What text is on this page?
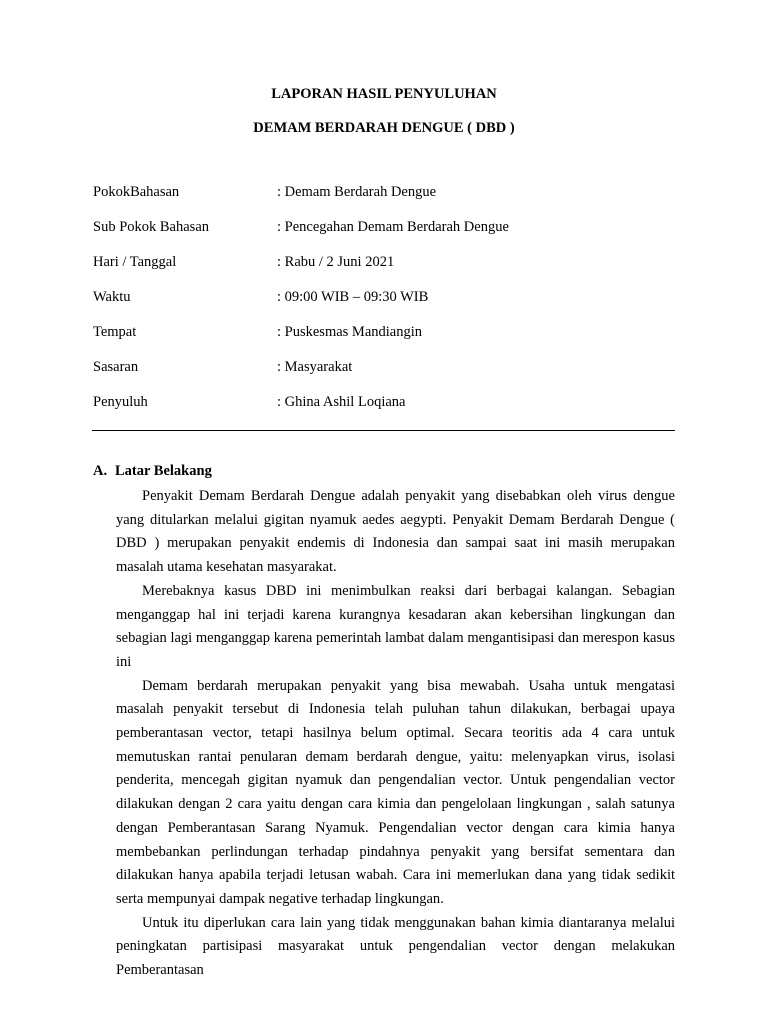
LAPORAN HASIL PENYULUHAN
DEMAM BERDARAH DENGUE ( DBD )
PokokBahasan	: Demam Berdarah Dengue
Sub Pokok Bahasan	: Pencegahan Demam Berdarah Dengue
Hari / Tanggal	: Rabu / 2 Juni 2021
Waktu	: 09:00 WIB – 09:30 WIB
Tempat	: Puskesmas Mandiangin
Sasaran	: Masyarakat
Penyuluh	: Ghina Ashil Loqiana
A. Latar Belakang

Penyakit Demam Berdarah Dengue adalah penyakit yang disebabkan oleh virus dengue yang ditularkan melalui gigitan nyamuk aedes aegypti. Penyakit Demam Berdarah Dengue ( DBD ) merupakan penyakit endemis di Indonesia dan sampai saat ini masih merupakan masalah utama kesehatan masyarakat.

Merebaknya kasus DBD ini menimbulkan reaksi dari berbagai kalangan. Sebagian menganggap hal ini terjadi karena kurangnya kesadaran akan kebersihan lingkungan dan sebagian lagi menganggap karena pemerintah lambat dalam mengantisipasi dan merespon kasus ini

Demam berdarah merupakan penyakit yang bisa mewabah. Usaha untuk mengatasi masalah penyakit tersebut di Indonesia telah puluhan tahun dilakukan, berbagai upaya pemberantasan vector, tetapi hasilnya belum optimal. Secara teoritis ada 4 cara untuk memutuskan rantai penularan demam berdarah dengue, yaitu: melenyapkan virus, isolasi penderita, mencegah gigitan nyamuk dan pengendalian vector. Untuk pengendalian vector dilakukan dengan 2 cara yaitu dengan cara kimia dan pengelolaan lingkungan , salah satunya dengan Pemberantasan Sarang Nyamuk. Pengendalian vector dengan cara kimia hanya membebankan perlindungan terhadap pindahnya penyakit yang bersifat sementara dan dilakukan hanya apabila terjadi letusan wabah. Cara ini memerlukan dana yang tidak sedikit serta mempunyai dampak negative terhadap lingkungan.

Untuk itu diperlukan cara lain yang tidak menggunakan bahan kimia diantaranya melalui peningkatan partisipasi masyarakat untuk pengendalian vector dengan melakukan Pemberantasan
